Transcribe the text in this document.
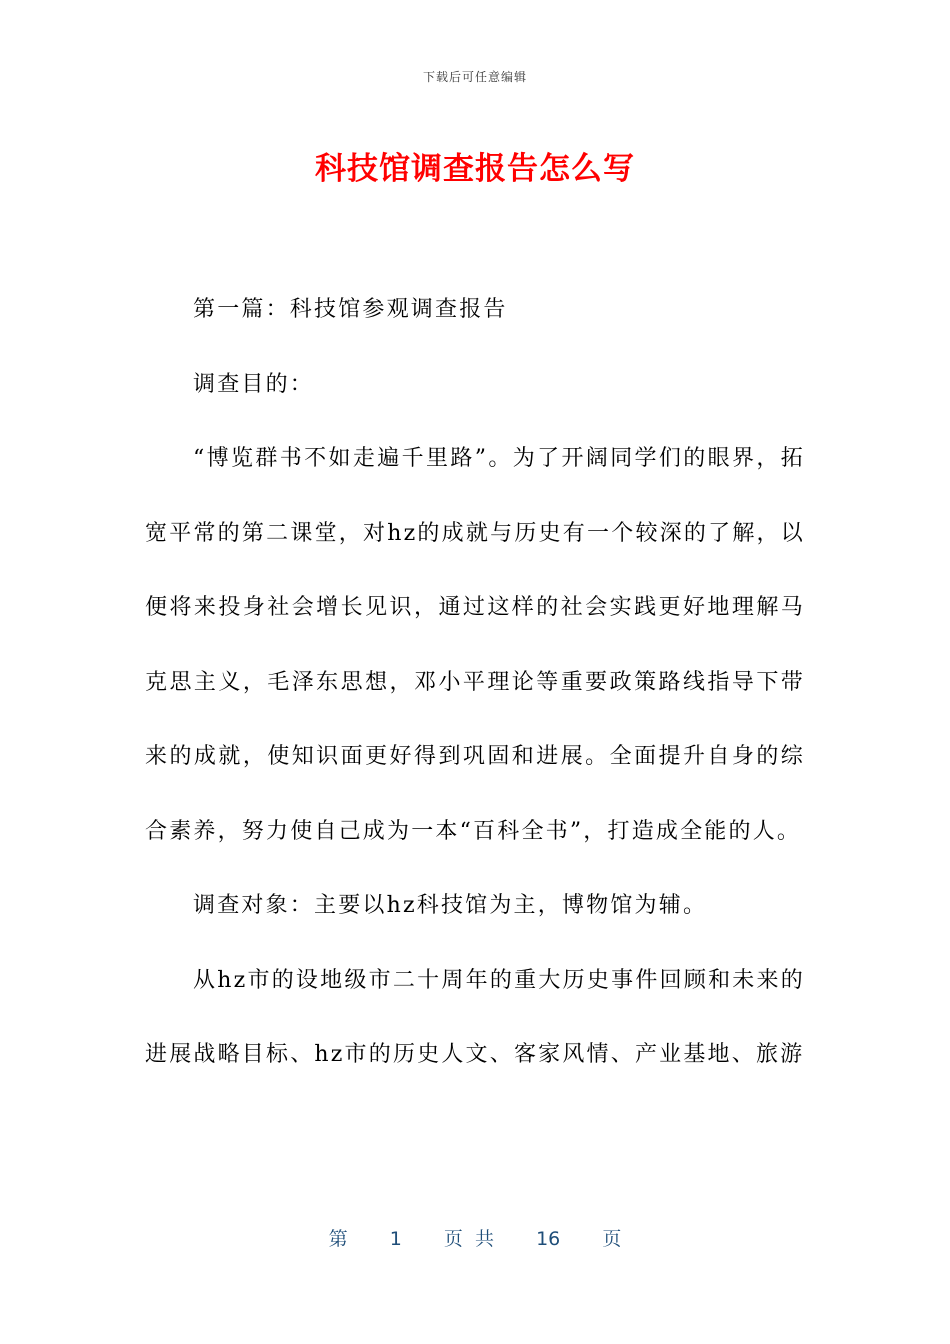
下载后可任意编辑
科技馆调查报告怎么写

第一篇：科技馆参观调查报告

调查目的：

“博览群书不如走遍千里路”。为了开阔同学们的眼界，拓宽平常的第二课堂，对hz的成就与历史有一个较深的了解，以便将来投身社会增长见识，通过这样的社会实践更好地理解马克思主义，毛泽东思想，邓小平理论等重要政策路线指导下带来的成就，使知识面更好得到巩固和进展。全面提升自身的综合素养，努力使自己成为一本“百科全书”，打造成全能的人。

调查对象：主要以hz科技馆为主，博物馆为辅。

从hz市的设地级市二十周年的重大历史事件回顾和未来的进展战略目标、hz市的历史人文、客家风情、产业基地、旅游

第 1 页 共 16 页
